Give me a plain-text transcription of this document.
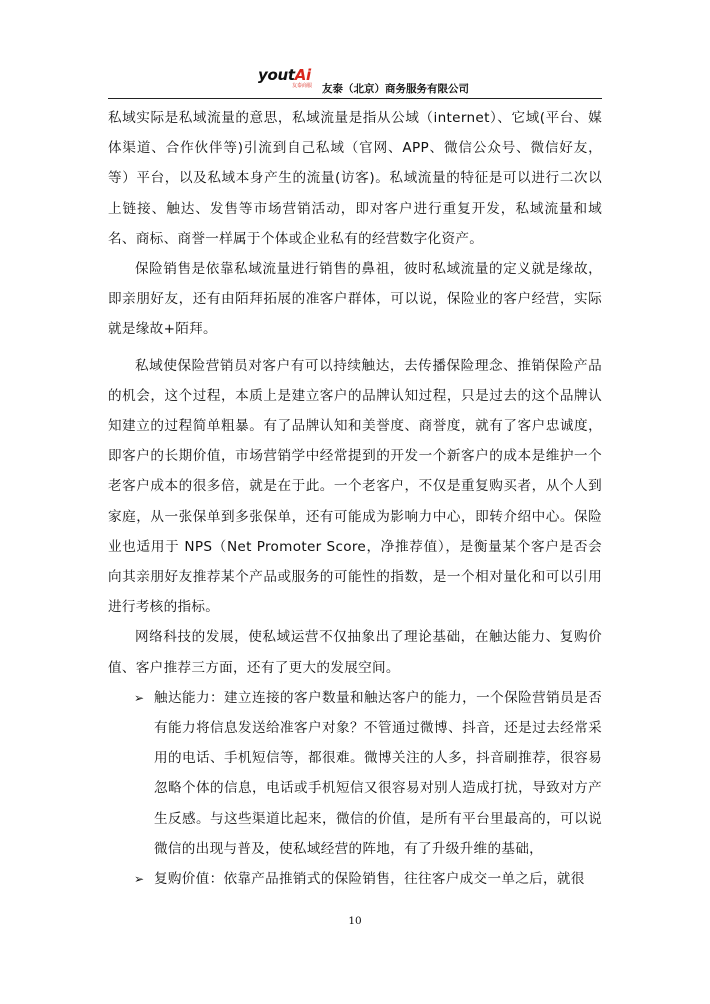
youtAi
友泰商服 友泰（北京）商务服务有限公司

私域实际是私域流量的意思，私域流量是指从公域（internet）、它域(平台、媒体渠道、合作伙伴等)引流到自己私域（官网、APP、微信公众号、微信好友，等）平台，以及私域本身产生的流量(访客)。私域流量的特征是可以进行二次以上链接、触达、发售等市场营销活动，即对客户进行重复开发，私域流量和域名、商标、商誉一样属于个体或企业私有的经营数字化资产。

保险销售是依靠私域流量进行销售的鼻祖，彼时私域流量的定义就是缘故，即亲朋好友，还有由陌拜拓展的准客户群体，可以说，保险业的客户经营，实际就是缘故+陌拜。

私域使保险营销员对客户有可以持续触达，去传播保险理念、推销保险产品的机会，这个过程，本质上是建立客户的品牌认知过程，只是过去的这个品牌认知建立的过程简单粗暴。有了品牌认知和美誉度、商誉度，就有了客户忠诚度，即客户的长期价值，市场营销学中经常提到的开发一个新客户的成本是维护一个老客户成本的很多倍，就是在于此。一个老客户，不仅是重复购买者，从个人到家庭，从一张保单到多张保单，还有可能成为影响力中心，即转介绍中心。保险业也适用于 NPS（Net Promoter Score，净推荐值），是衡量某个客户是否会向其亲朋好友推荐某个产品或服务的可能性的指数，是一个相对量化和可以引用进行考核的指标。

网络科技的发展，使私域运营不仅抽象出了理论基础，在触达能力、复购价值、客户推荐三方面，还有了更大的发展空间。

➢ 触达能力：建立连接的客户数量和触达客户的能力，一个保险营销员是否有能力将信息发送给准客户对象？不管通过微博、抖音，还是过去经常采用的电话、手机短信等，都很难。微博关注的人多，抖音刷推荐，很容易忽略个体的信息，电话或手机短信又很容易对别人造成打扰，导致对方产生反感。与这些渠道比起来，微信的价值，是所有平台里最高的，可以说微信的出现与普及，使私域经营的阵地，有了升级升维的基础，
➢ 复购价值：依靠产品推销式的保险销售，往往客户成交一单之后，就很
10
